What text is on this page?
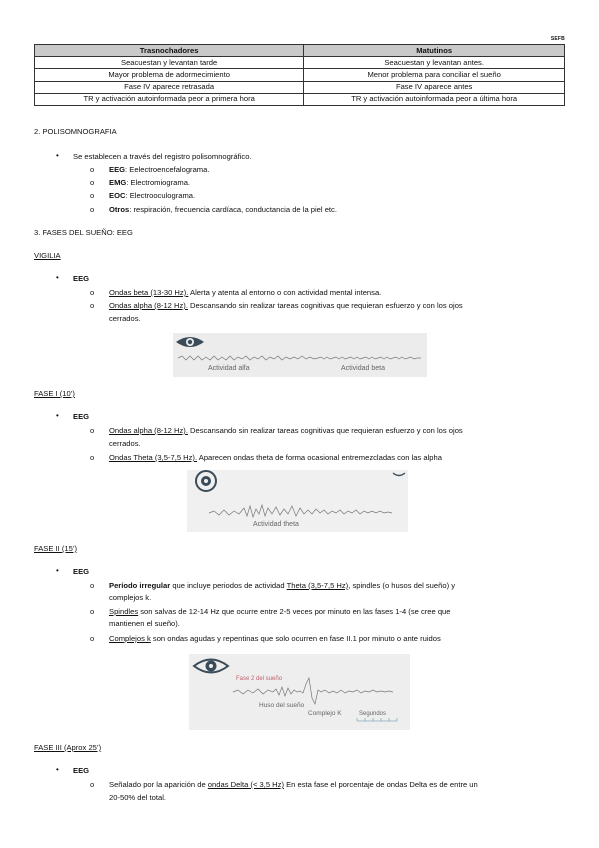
SEFB
Trasnochadores	Matutinos
Seacuestan y levantan tarde	Seacuestan y levantan antes.
Mayor problema de adormecimiento	Menor problema para conciliar el sueño
Fase IV aparece retrasada	Fase IV aparece antes
TR y activación autoinformada peor a primera hora	TR y activación autoinformada peor a última hora
2. POLISOMNOGRAFIA
• Se establecen a través del registro polisomnográfico.
o EEG: Eelectroencefalograma.
o EMG: Electromiograma.
o EOC: Electrooculograma.
o Otros: respiración, frecuencia cardíaca, conductancia de la piel etc.
3. FASES DEL SUEÑO: EEG
VIGILIA
• EEG
o Ondas beta (13-30 Hz). Alerta y atenta al entorno o con actividad mental intensa.
o Ondas alpha (8-12 Hz). Descansando sin realizar tareas cognitivas que requieran esfuerzo y con los ojos
cerrados.
Actividad alfa	Actividad beta
FASE I (10’)
• EEG
o Ondas alpha (8-12 Hz). Descansando sin realizar tareas cognitivas que requieran esfuerzo y con los ojos
cerrados.
o Ondas Theta (3,5-7,5 Hz). Aparecen ondas theta de forma ocasional entremezcladas con las alpha
Actividad theta
FASE II (15’)
• EEG
o Período irregular que incluye periodos de actividad Theta (3,5-7,5 Hz), spindles (o husos del sueño) y
complejos k.
o Spindles son salvas de 12-14 Hz que ocurre entre 2-5 veces por minuto en las fases 1-4 (se cree que
mantienen el sueño).
o Complejos k son ondas agudas y repentinas que solo ocurren en fase II.1 por minuto o ante ruidos
Fase 2 del sueño
Huso del sueño
Complejo K	Segundos
FASE III (Aprox 25’)
• EEG
o Señalado por la aparición de ondas Delta (< 3,5 Hz) En esta fase el porcentaje de ondas Delta es de entre un
20-50% del total.
